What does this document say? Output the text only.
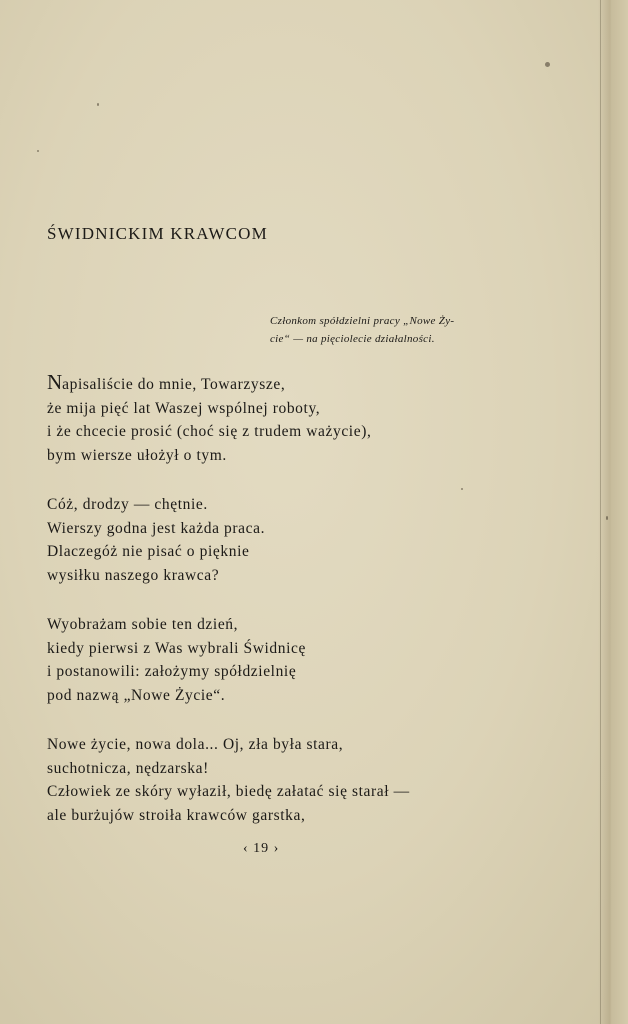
ŚWIDNICKIM KRAWCOM
Członkom spółdzielni pracy „Nowe Ży-
cie“ — na pięciolecie działalności.
Napisaliście do mnie, Towarzysze,
że mija pięć lat Waszej wspólnej roboty,
i że chcecie prosić (choć się z trudem ważycie),
bym wiersze ułożył o tym.
Cóż, drodzy — chętnie.
Wierszy godna jest każda praca.
Dlaczegóż nie pisać o pięknie
wysiłku naszego krawca?
Wyobrażam sobie ten dzień,
kiedy pierwsi z Was wybrali Świdnicę
i postanowili: założymy spółdzielnię
pod nazwą „Nowe Życie“.
Nowe życie, nowa dola... Oj, zła była stara,
suchotnicza, nędzarska!
Człowiek ze skóry wyłaził, biedę załatać się starał —
ale burżujów stroiła krawców garstka,
‹ 19 ›
